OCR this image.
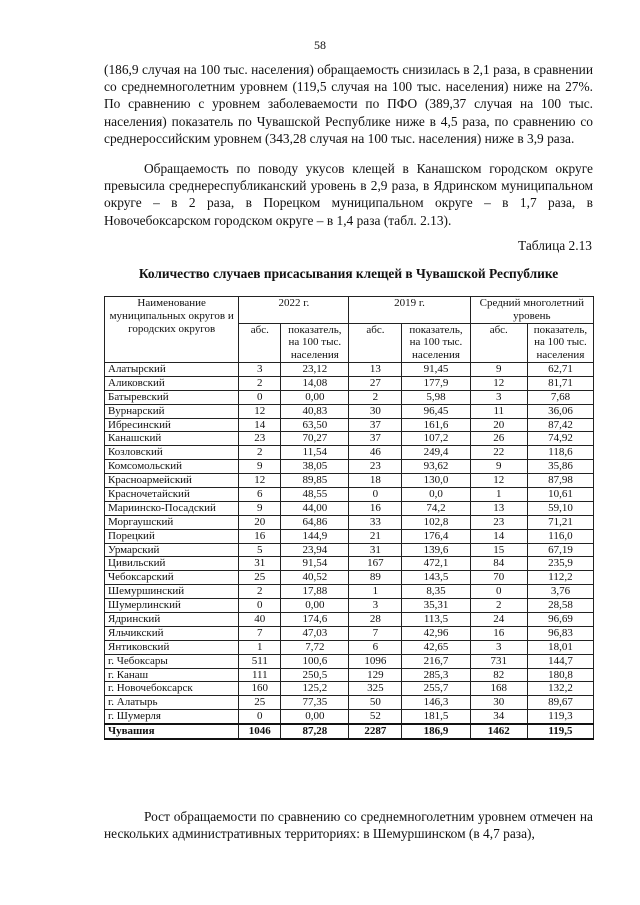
58

(186,9 случая на 100 тыс. населения) обращаемость снизилась в 2,1 раза, в сравнении со среднемноголетним уровнем (119,5 случая на 100 тыс. населения) ниже на 27%. По сравнению с уровнем заболеваемости по ПФО (389,37 случая на 100 тыс. населения) показатель по Чувашской Республике ниже в 4,5 раза, по сравнению со среднероссийским уровнем (343,28 случая на 100 тыс. населения) ниже в 3,9 раза.

Обращаемость по поводу укусов клещей в Канашском городском округе превысила среднереспубликанский уровень в 2,9 раза, в Ядринском муниципальном округе – в 2 раза, в Порецком муниципальном округе – в 1,7 раза, в Новочебоксарском городском округе – в 1,4 раза (табл. 2.13).

Таблица 2.13
Количество случаев присасывания клещей в Чувашской Республике
Наименование муниципальных округов и городских округов	2022 г.		2019 г.		Средний многолетний уровень	
	абс.	показатель, на 100 тыс. населения	абс.	показатель, на 100 тыс. населения	абс.	показатель, на 100 тыс. населения
Алатырский	3	23,12	13	91,45	9	62,71
Аликовский	2	14,08	27	177,9	12	81,71
Батыревский	0	0,00	2	5,98	3	7,68
Вурнарский	12	40,83	30	96,45	11	36,06
Ибресинский	14	63,50	37	161,6	20	87,42
Канашский	23	70,27	37	107,2	26	74,92
Козловский	2	11,54	46	249,4	22	118,6
Комсомольский	9	38,05	23	93,62	9	35,86
Красноармейский	12	89,85	18	130,0	12	87,98
Красночетайский	6	48,55	0	0,0	1	10,61
Мариинско-Посадский	9	44,00	16	74,2	13	59,10
Моргаушский	20	64,86	33	102,8	23	71,21
Порецкий	16	144,9	21	176,4	14	116,0
Урмарский	5	23,94	31	139,6	15	67,19
Цивильский	31	91,54	167	472,1	84	235,9
Чебоксарский	25	40,52	89	143,5	70	112,2
Шемуршинский	2	17,88	1	8,35	0	3,76
Шумерлинский	0	0,00	3	35,31	2	28,58
Ядринский	40	174,6	28	113,5	24	96,69
Яльчикский	7	47,03	7	42,96	16	96,83
Янтиковский	1	7,72	6	42,65	3	18,01
г. Чебоксары	511	100,6	1096	216,7	731	144,7
г. Канаш	111	250,5	129	285,3	82	180,8
г. Новочебоксарск	160	125,2	325	255,7	168	132,2
г. Алатырь	25	77,35	50	146,3	30	89,67
г. Шумерля	0	0,00	52	181,5	34	119,3
Чувашия	1046	87,28	2287	186,9	1462	119,5

Рост обращаемости по сравнению со среднемноголетним уровнем отмечен на нескольких административных территориях: в Шемуршинском (в 4,7 раза),
